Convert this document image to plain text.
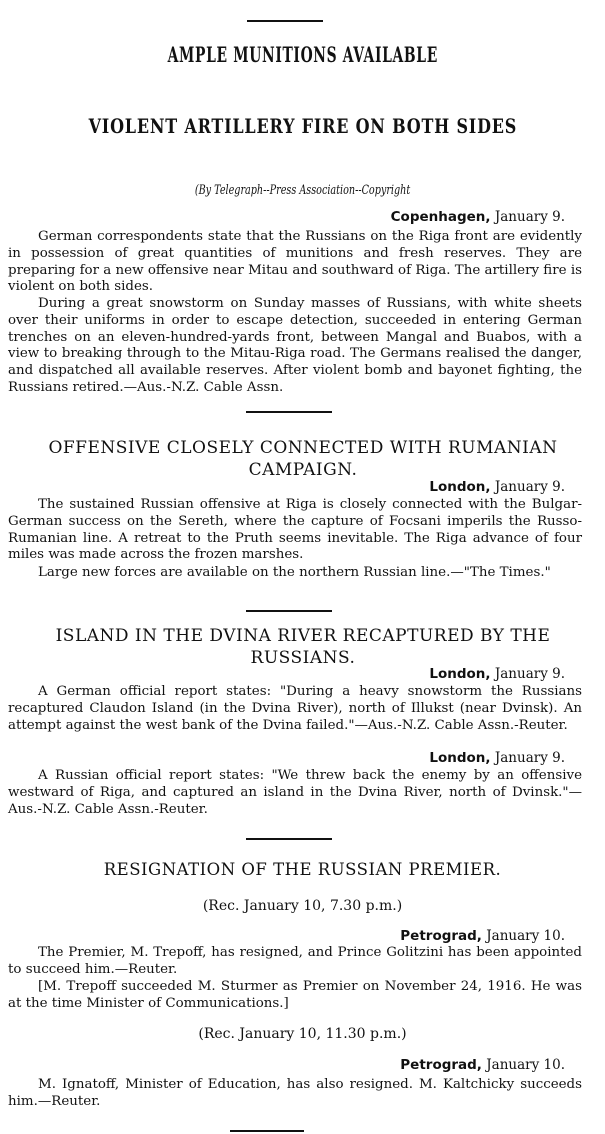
AMPLE MUNITIONS AVAILABLE
VIOLENT ARTILLERY FIRE ON BOTH SIDES
(By Telegraph--Press Association--Copyright
Copenhagen, January 9.
German correspondents state that the Russians on the Riga front are evidently in possession of great quantities of munitions and fresh reserves. They are preparing for a new offensive near Mitau and southward of Riga. The artillery fire is violent on both sides.
During a great snowstorm on Sunday masses of Russians, with white sheets over their uniforms in order to escape detection, succeeded in entering German trenches on an eleven-hundred-yards front, between Mangal and Buabos, with a view to breaking through to the Mitau-Riga road. The Germans realised the danger, and dispatched all available reserves. After violent bomb and bayonet fighting, the Russians retired.—Aus.-N.Z. Cable Assn.
OFFENSIVE CLOSELY CONNECTED WITH RUMANIAN CAMPAIGN.
London, January 9.
The sustained Russian offensive at Riga is closely connected with the Bulgar-German success on the Sereth, where the capture of Focsani imperils the Russo-Rumanian line. A retreat to the Pruth seems inevitable. The Riga advance of four miles was made across the frozen marshes.
Large new forces are available on the northern Russian line.—"The Times."
ISLAND IN THE DVINA RIVER RECAPTURED BY THE RUSSIANS.
London, January 9.
A German official report states: "During a heavy snowstorm the Russians recaptured Claudon Island (in the Dvina River), north of Illukst (near Dvinsk). An attempt against the west bank of the Dvina failed."—Aus.-N.Z. Cable Assn.-Reuter.
London, January 9.
A Russian official report states: "We threw back the enemy by an offensive westward of Riga, and captured an island in the Dvina River, north of Dvinsk."—Aus.-N.Z. Cable Assn.-Reuter.
RESIGNATION OF THE RUSSIAN PREMIER.
(Rec. January 10, 7.30 p.m.)
Petrograd, January 10.
The Premier, M. Trepoff, has resigned, and Prince Golitzini has been appointed to succeed him.—Reuter.
[M. Trepoff succeeded M. Sturmer as Premier on November 24, 1916. He was at the time Minister of Communications.]
(Rec. January 10, 11.30 p.m.)
Petrograd, January 10.
M. Ignatoff, Minister of Education, has also resigned. M. Kaltchicky succeeds him.—Reuter.
